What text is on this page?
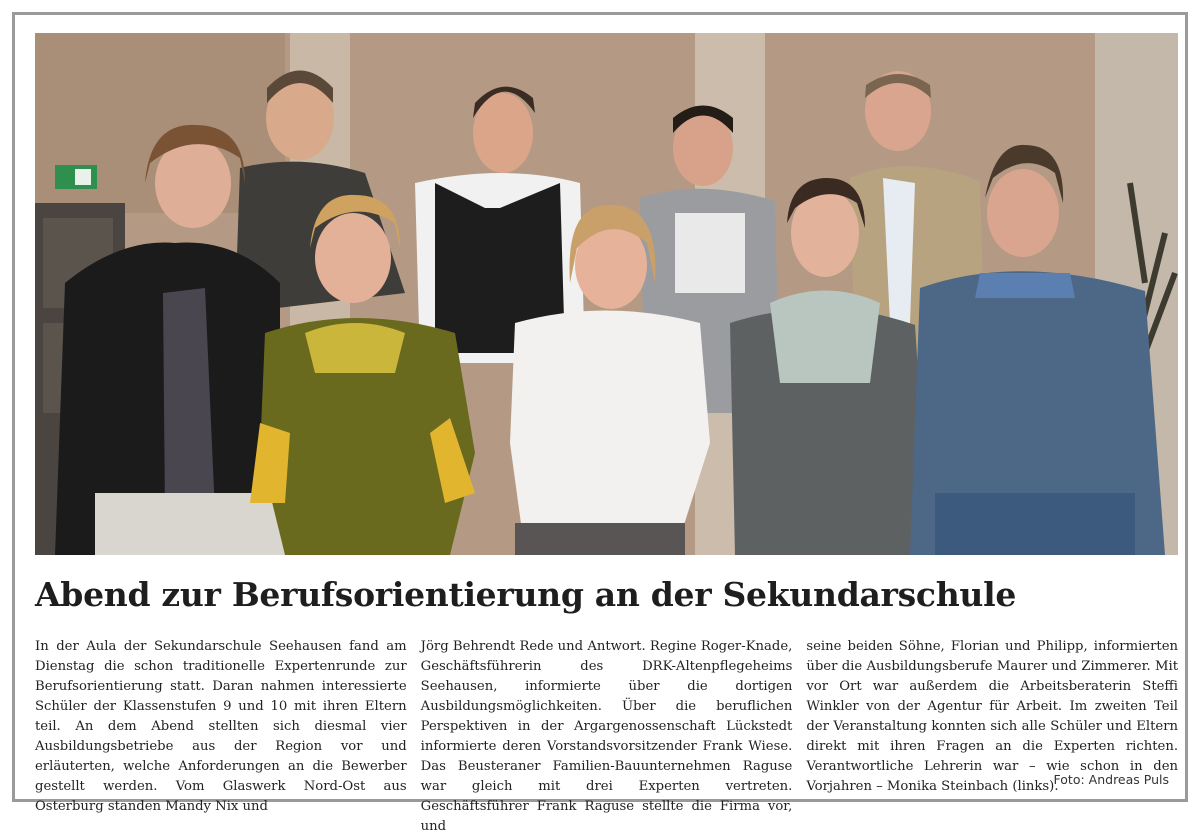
Abend zur Berufsorientierung an der Sekundarschule
In der Aula der Sekundarschule Seehausen fand am Dienstag die schon traditionelle Expertenrunde zur Berufsorientierung statt. Daran nahmen interessierte Schüler der Klassenstufen 9 und 10 mit ihren Eltern teil. An dem Abend stellten sich diesmal vier Ausbildungsbetriebe aus der Region vor und erläuterten, welche Anforderungen an die Bewerber gestellt werden. Vom Glaswerk Nord-Ost aus Osterburg standen Mandy Nix und
Jörg Behrendt Rede und Antwort. Regine Roger-Knade, Geschäftsführerin des DRK-Altenpflegeheims Seehausen, informierte über die dortigen Ausbildungsmöglichkeiten. Über die beruflichen Perspektiven in der Argargenossenschaft Lückstedt informierte deren Vorstandsvorsitzender Frank Wiese. Das Beusteraner Familien-Bauunternehmen Raguse war gleich mit drei Experten vertreten. Geschäftsführer Frank Raguse stellte die Firma vor, und
seine beiden Söhne, Florian und Philipp, informierten über die Ausbildungsberufe Maurer und Zimmerer. Mit vor Ort war außerdem die Arbeitsberaterin Steffi Winkler von der Agentur für Arbeit. Im zweiten Teil der Veranstaltung konnten sich alle Schüler und Eltern direkt mit ihren Fragen an die Experten richten. Verantwortliche Lehrerin war – wie schon in den Vorjahren – Monika Steinbach (links).
Foto: Andreas Puls
